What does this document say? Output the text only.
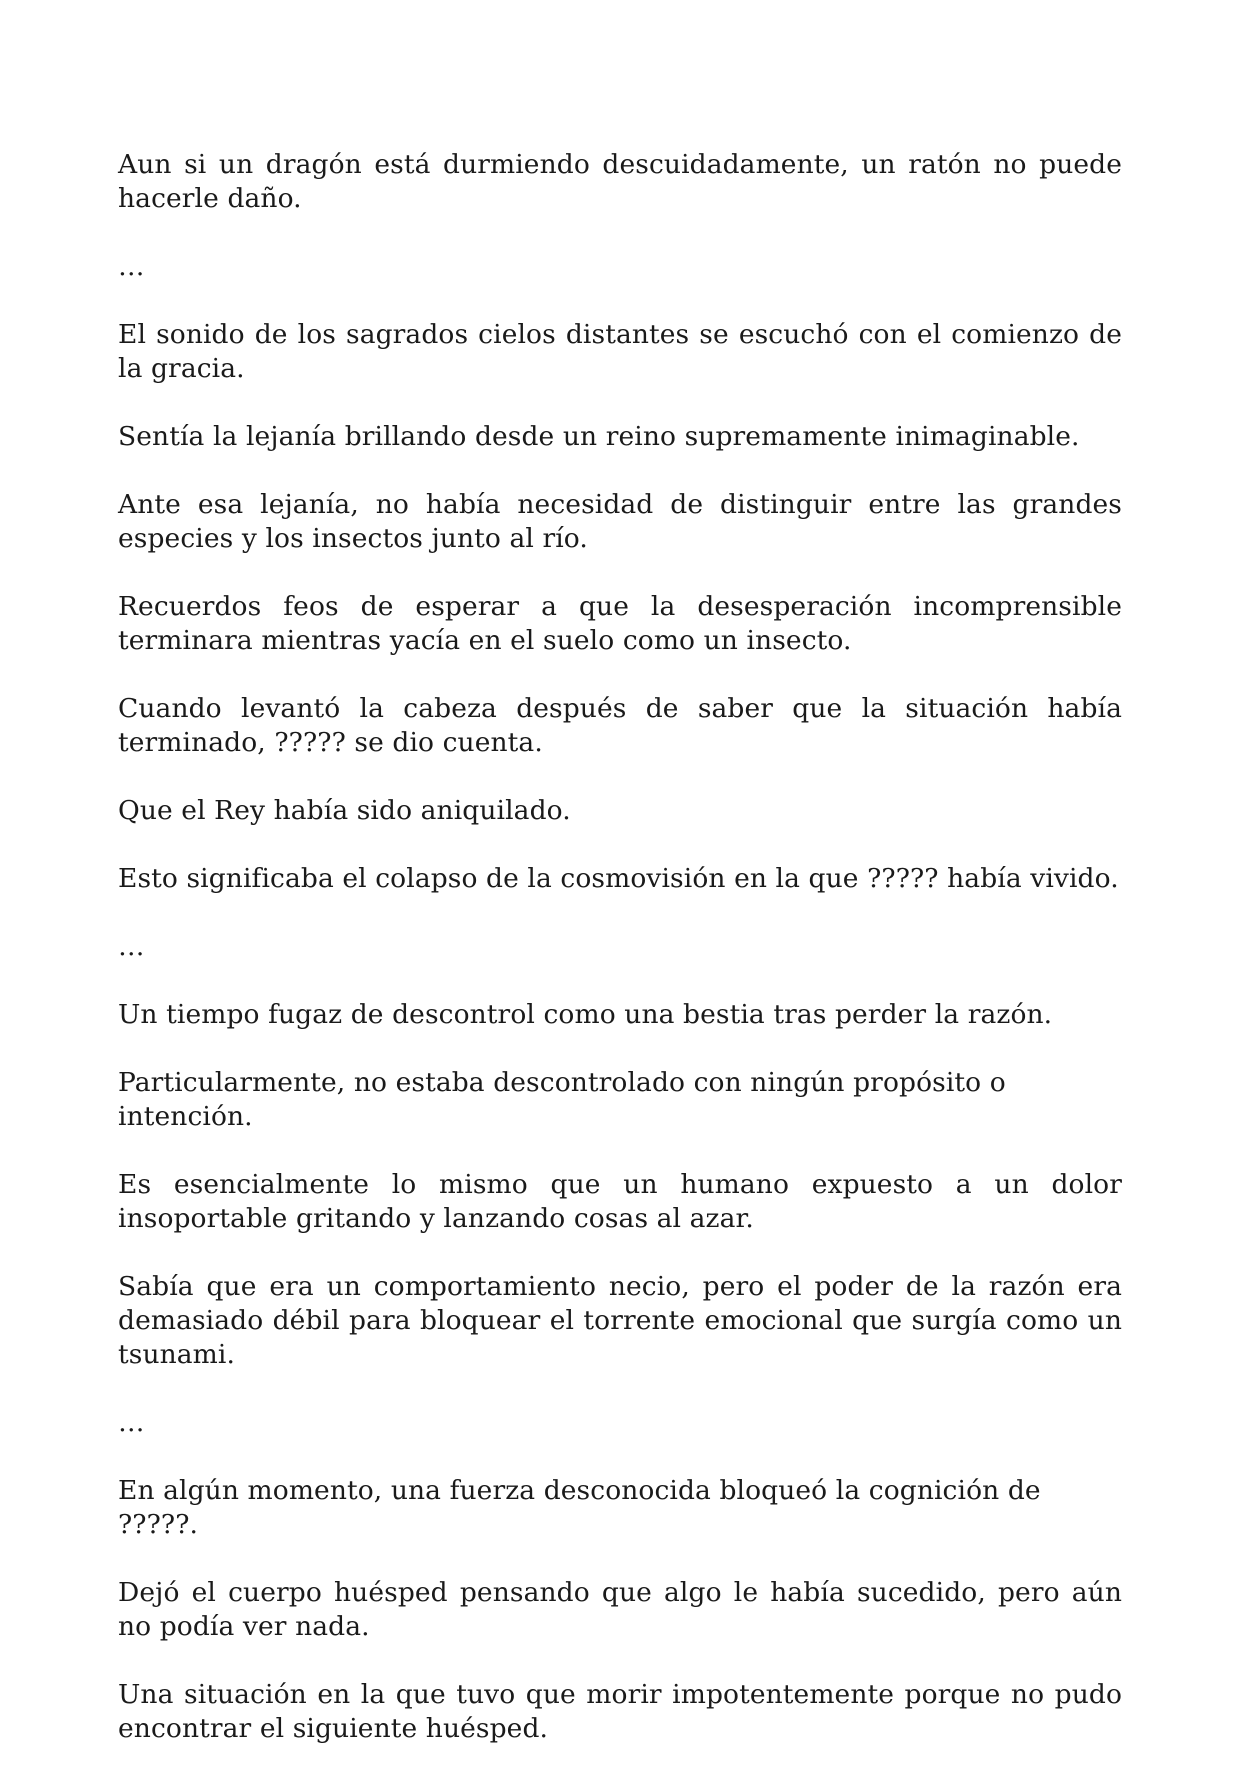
Aun si un dragón está durmiendo descuidadamente, un ratón no puede hacerle daño.

…

El sonido de los sagrados cielos distantes se escuchó con el comienzo de la gracia.

Sentía la lejanía brillando desde un reino supremamente inimaginable.

Ante esa lejanía, no había necesidad de distinguir entre las grandes especies y los insectos junto al río.

Recuerdos feos de esperar a que la desesperación incomprensible terminara mientras yacía en el suelo como un insecto.

Cuando levantó la cabeza después de saber que la situación había terminado, ????? se dio cuenta.

Que el Rey había sido aniquilado.

Esto significaba el colapso de la cosmovisión en la que ????? había vivido.

…

Un tiempo fugaz de descontrol como una bestia tras perder la razón.

Particularmente, no estaba descontrolado con ningún propósito o intención.

Es esencialmente lo mismo que un humano expuesto a un dolor insoportable gritando y lanzando cosas al azar.

Sabía que era un comportamiento necio, pero el poder de la razón era demasiado débil para bloquear el torrente emocional que surgía como un tsunami.

…

En algún momento, una fuerza desconocida bloqueó la cognición de ?????.

Dejó el cuerpo huésped pensando que algo le había sucedido, pero aún no podía ver nada.

Una situación en la que tuvo que morir impotentemente porque no pudo encontrar el siguiente huésped.
